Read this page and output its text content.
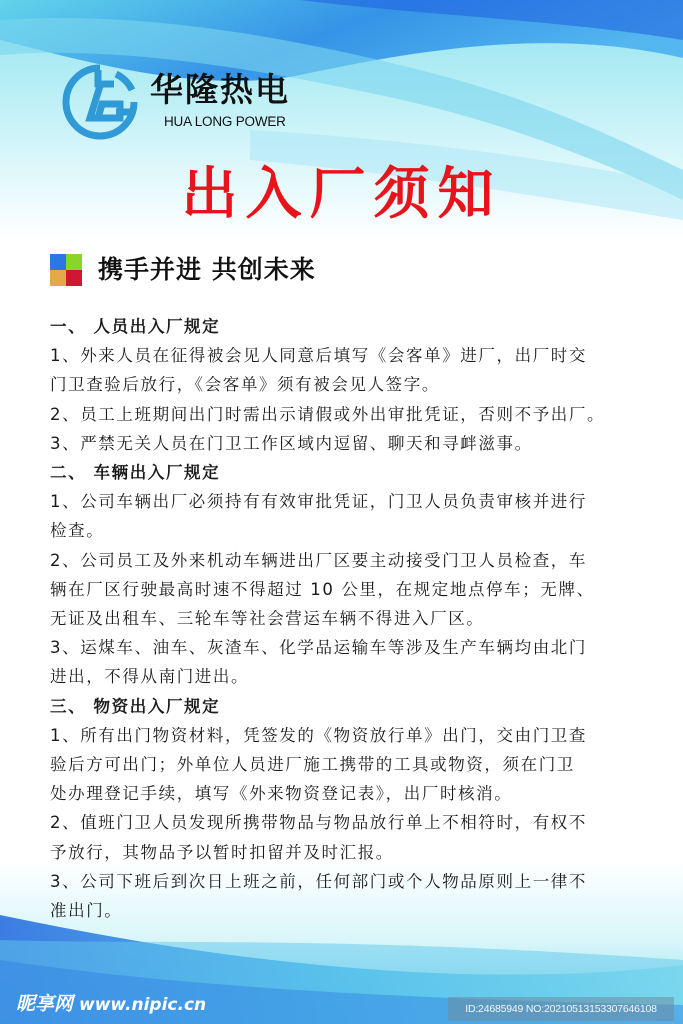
华隆热电
HUA LONG POWER
出入厂须知
携手并进 共创未来
一、 人员出入厂规定
1、外来人员在征得被会见人同意后填写《会客单》进厂，出厂时交
门卫查验后放行，《会客单》须有被会见人签字。
2、员工上班期间出门时需出示请假或外出审批凭证，否则不予出厂。
3、严禁无关人员在门卫工作区域内逗留、聊天和寻衅滋事。
二、 车辆出入厂规定
1、公司车辆出厂必须持有有效审批凭证，门卫人员负责审核并进行
检查。
2、公司员工及外来机动车辆进出厂区要主动接受门卫人员检查，车
辆在厂区行驶最高时速不得超过 10 公里，在规定地点停车；无牌、
无证及出租车、三轮车等社会营运车辆不得进入厂区。
3、运煤车、油车、灰渣车、化学品运输车等涉及生产车辆均由北门
进出，不得从南门进出。
三、 物资出入厂规定
1、所有出门物资材料，凭签发的《物资放行单》出门，交由门卫查
验后方可出门；外单位人员进厂施工携带的工具或物资，须在门卫
处办理登记手续，填写《外来物资登记表》，出厂时核消。
2、值班门卫人员发现所携带物品与物品放行单上不相符时，有权不
予放行，其物品予以暂时扣留并及时汇报。
3、公司下班后到次日上班之前，任何部门或个人物品原则上一律不
准出门。
昵享网 www.nipic.cn	ID:24685949 NO:20210513153307646108
